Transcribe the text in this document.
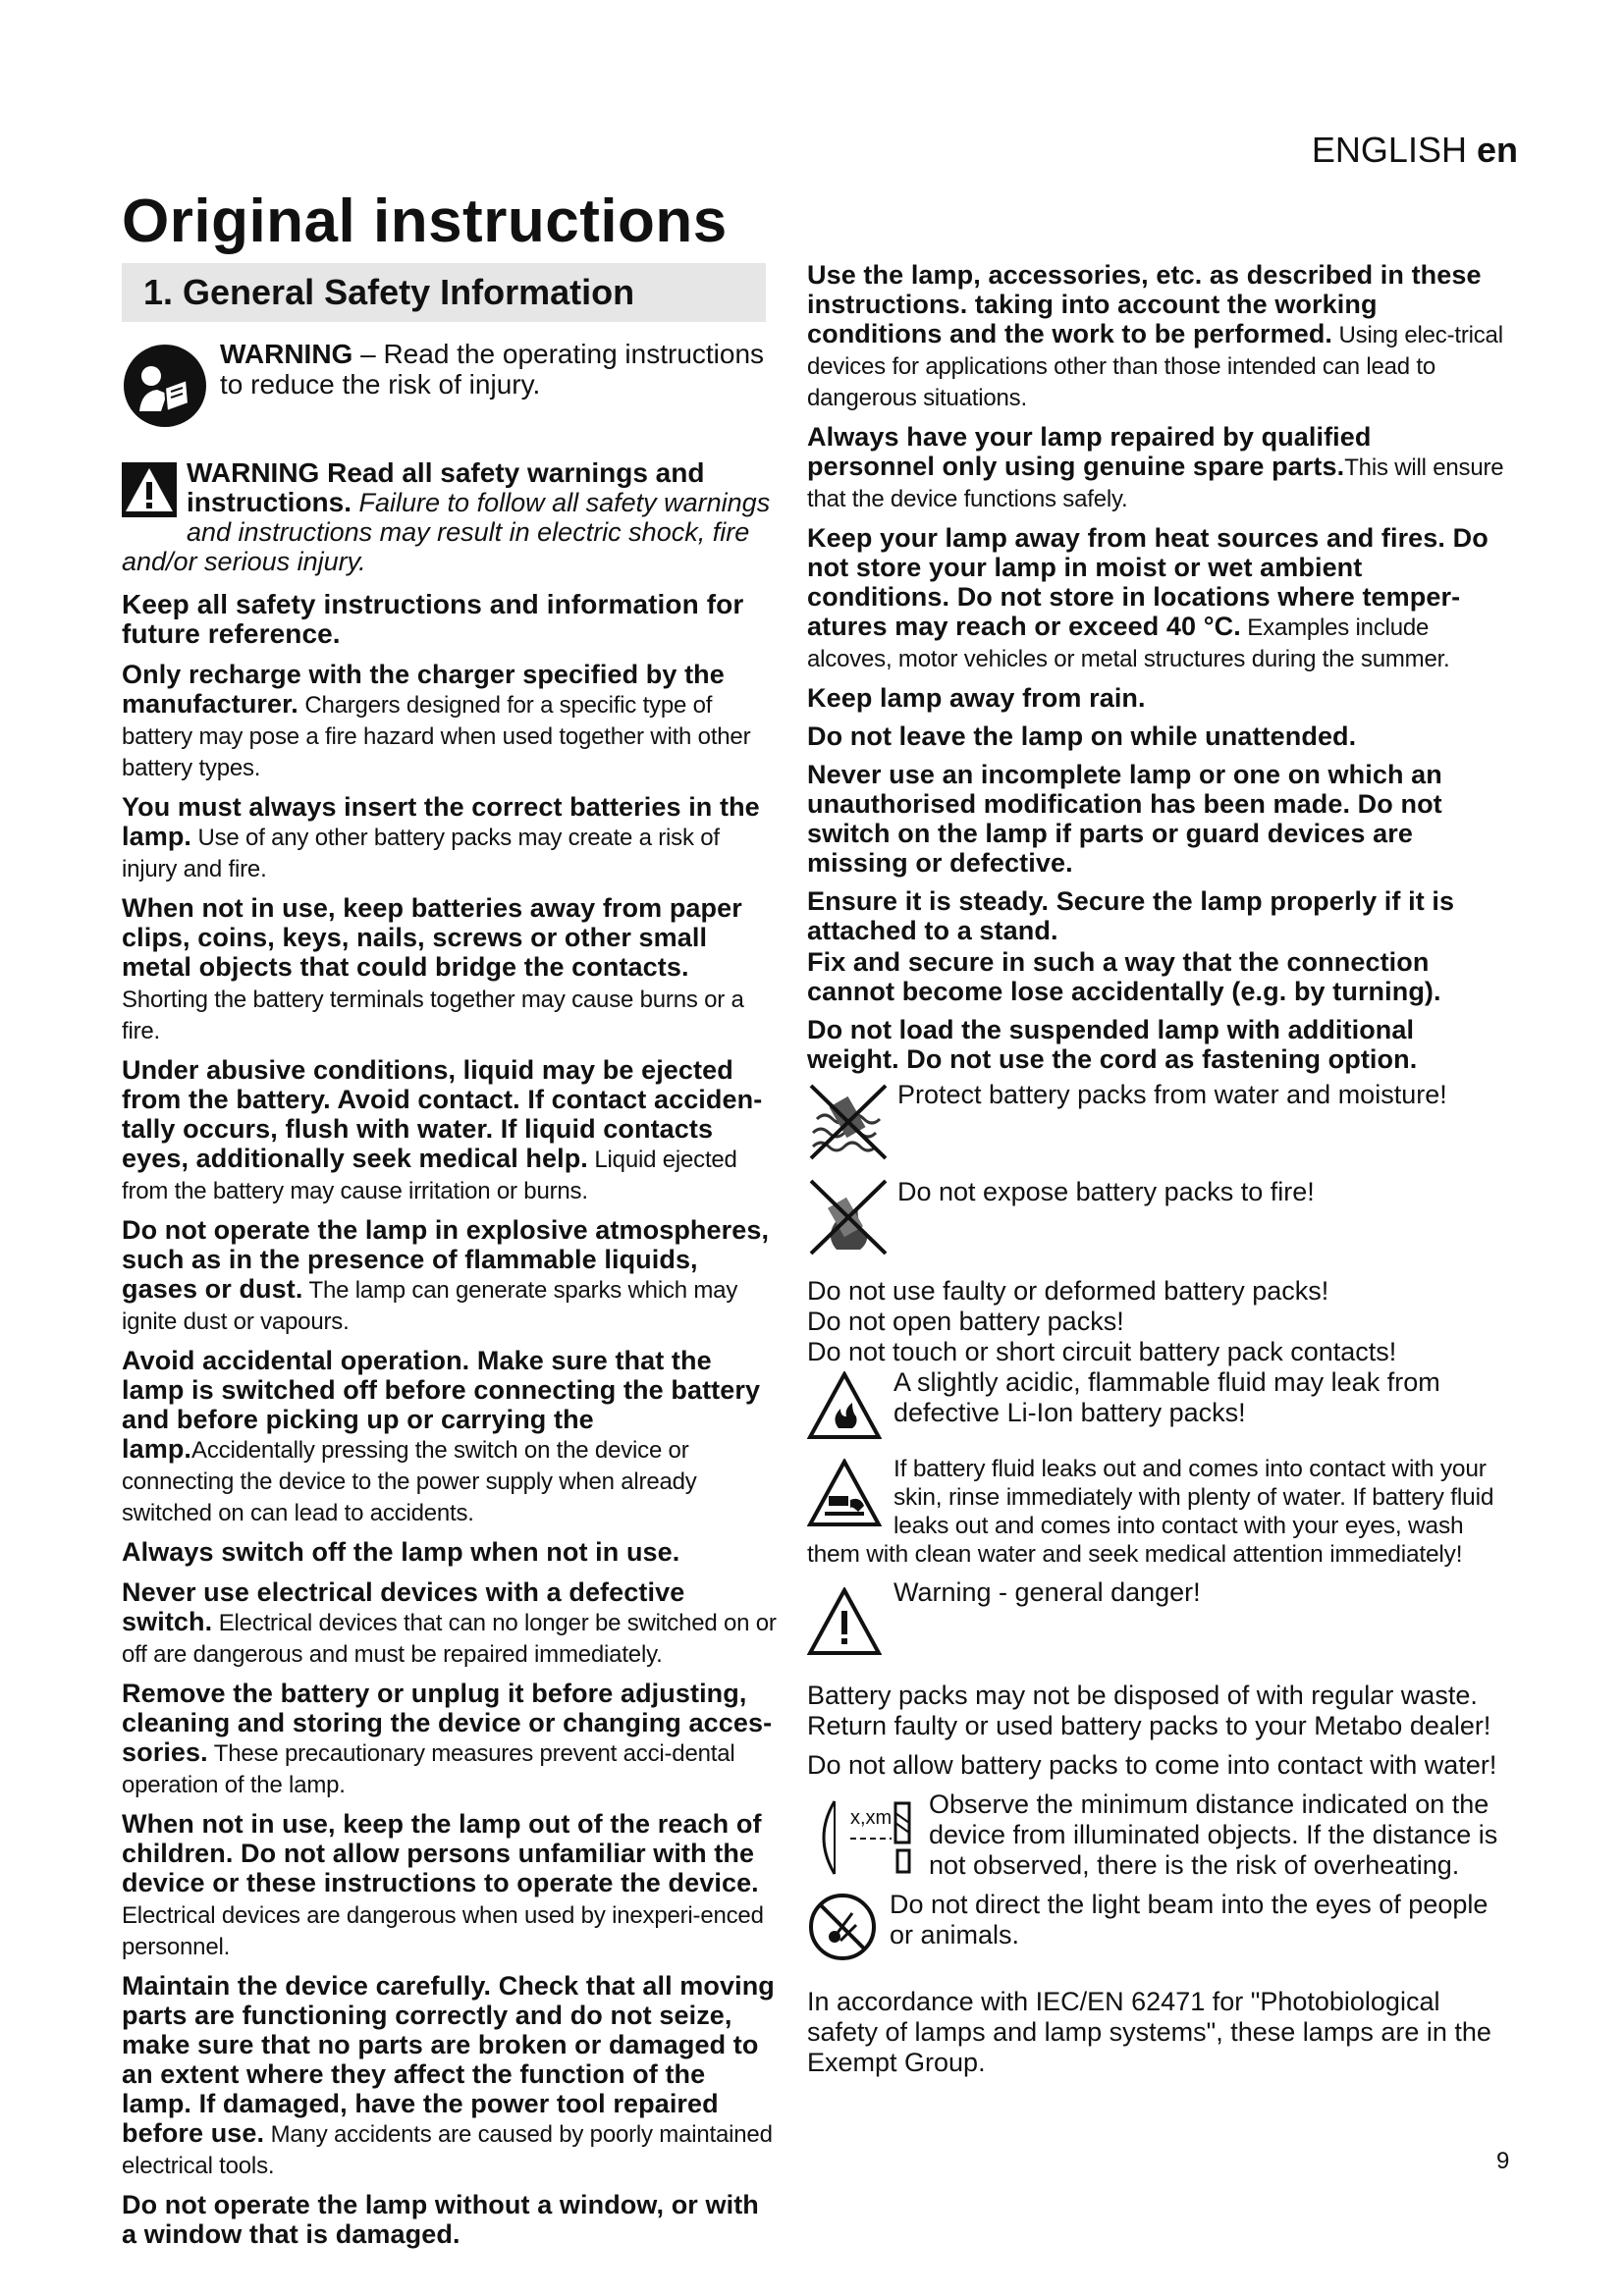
ENGLISH en
Original instructions
1. General Safety Information
WARNING – Read the operating instructions to reduce the risk of injury.
WARNING Read all safety warnings and instructions. Failure to follow all safety warnings and instructions may result in electric shock, fire and/or serious injury.

Keep all safety instructions and information for future reference.

Only recharge with the charger specified by the manufacturer. Chargers designed for a specific type of battery may pose a fire hazard when used together with other battery types.

You must always insert the correct batteries in the lamp. Use of any other battery packs may create a risk of injury and fire.

When not in use, keep batteries away from paper clips, coins, keys, nails, screws or other small metal objects that could bridge the contacts. Shorting the battery terminals together may cause burns or a fire.

Under abusive conditions, liquid may be ejected from the battery. Avoid contact. If contact acciden-tally occurs, flush with water. If liquid contacts eyes, additionally seek medical help. Liquid ejected from the battery may cause irritation or burns.

Do not operate the lamp in explosive atmospheres, such as in the presence of flammable liquids, gases or dust. The lamp can generate sparks which may ignite dust or vapours.

Avoid accidental operation. Make sure that the lamp is switched off before connecting the battery and before picking up or carrying the lamp.Accidentally pressing the switch on the device or connecting the device to the power supply when already switched on can lead to accidents.

Always switch off the lamp when not in use.

Never use electrical devices with a defective switch. Electrical devices that can no longer be switched on or off are dangerous and must be repaired immediately.

Remove the battery or unplug it before adjusting, cleaning and storing the device or changing acces-sories. These precautionary measures prevent acci-dental operation of the lamp.

When not in use, keep the lamp out of the reach of children. Do not allow persons unfamiliar with the device or these instructions to operate the device. Electrical devices are dangerous when used by inexperi-enced personnel.

Maintain the device carefully. Check that all moving parts are functioning correctly and do not seize, make sure that no parts are broken or damaged to an extent where they affect the function of the lamp. If damaged, have the power tool repaired before use. Many accidents are caused by poorly maintained electrical tools.

Do not operate the lamp without a window, or with a window that is damaged.

Use the lamp, accessories, etc. as described in these instructions. taking into account the working conditions and the work to be performed. Using elec-trical devices for applications other than those intended can lead to dangerous situations.

Always have your lamp repaired by qualified personnel only using genuine spare parts.This will ensure that the device functions safely.

Keep your lamp away from heat sources and fires. Do not store your lamp in moist or wet ambient conditions. Do not store in locations where temper-atures may reach or exceed 40 °C. Examples include alcoves, motor vehicles or metal structures during the summer.

Keep lamp away from rain.

Do not leave the lamp on while unattended.

Never use an incomplete lamp or one on which an unauthorised modification has been made. Do not switch on the lamp if parts or guard devices are missing or defective.

Ensure it is steady. Secure the lamp properly if it is attached to a stand.

Fix and secure in such a way that the connection cannot become lose accidentally (e.g. by turning).

Do not load the suspended lamp with additional weight. Do not use the cord as fastening option.

Protect battery packs from water and moisture!
Do not expose battery packs to fire!
Do not use faulty or deformed battery packs!
Do not open battery packs!
Do not touch or short circuit battery pack contacts!
A slightly acidic, flammable fluid may leak from defective Li-Ion battery packs!
If battery fluid leaks out and comes into contact with your skin, rinse immediately with plenty of water. If battery fluid leaks out and comes into contact with your eyes, wash them with clean water and seek medical attention immediately!
Warning - general danger!

Battery packs may not be disposed of with regular waste. Return faulty or used battery packs to your Metabo dealer!

Do not allow battery packs to come into contact with water!

x,xm Observe the minimum distance indicated on the device from illuminated objects. If the distance is not observed, there is the risk of overheating.
Do not direct the light beam into the eyes of people or animals.

In accordance with IEC/EN 62471 for "Photobiological safety of lamps and lamp systems", these lamps are in the Exempt Group.

9
